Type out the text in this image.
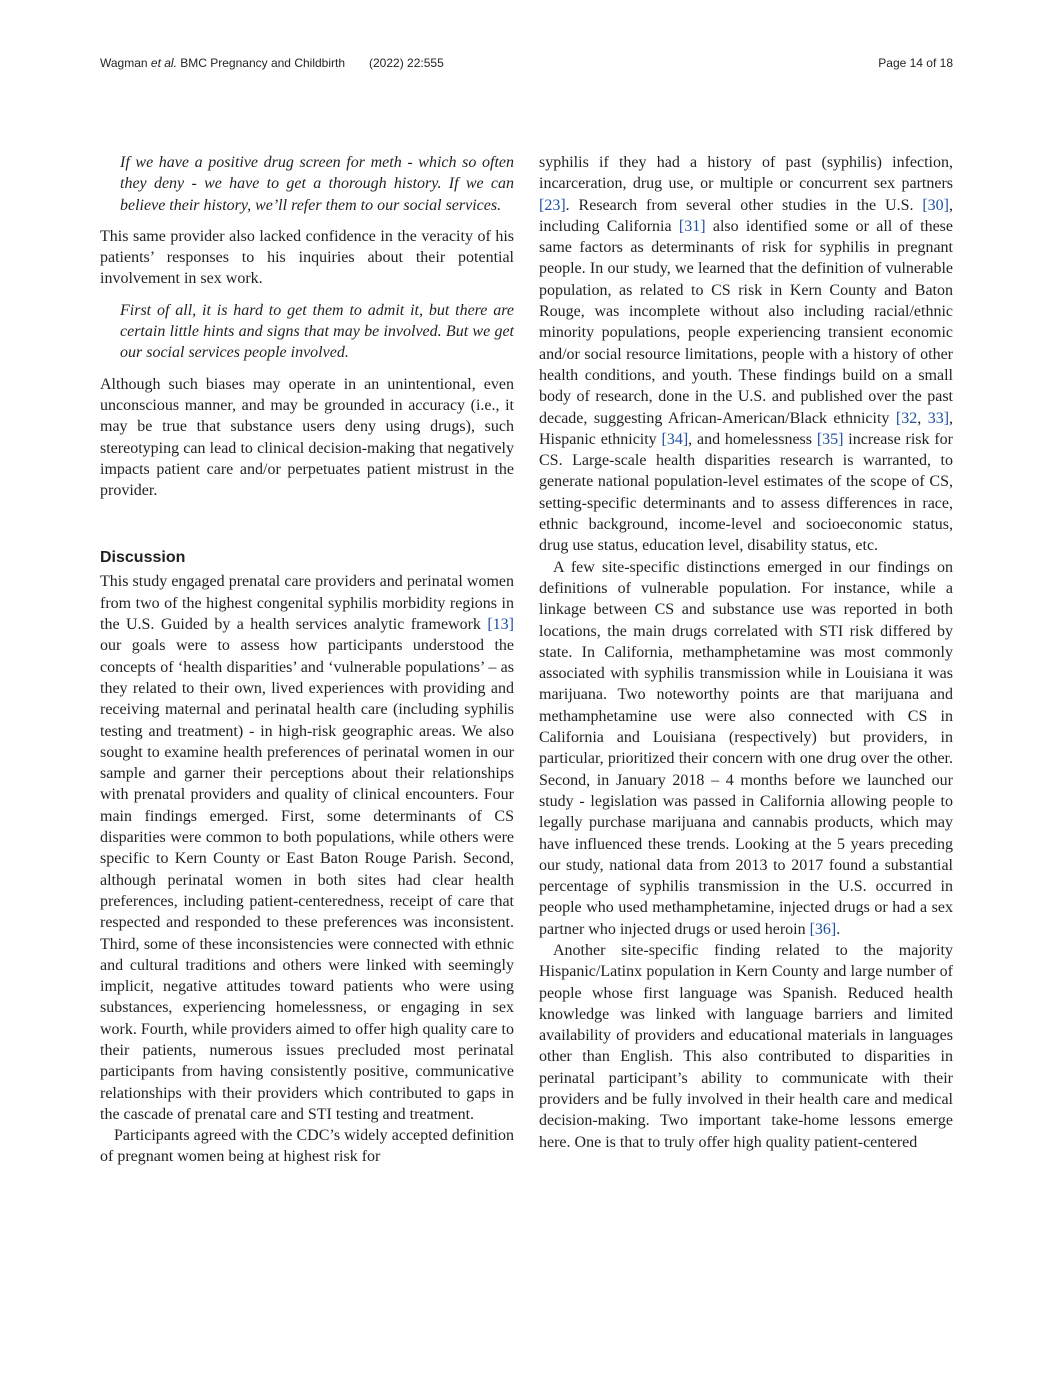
Wagman et al. BMC Pregnancy and Childbirth (2022) 22:555	Page 14 of 18

If we have a positive drug screen for meth - which so often they deny - we have to get a thorough history. If we can believe their history, we’ll refer them to our social services.

This same provider also lacked confidence in the veracity of his patients’ responses to his inquiries about their potential involvement in sex work.

First of all, it is hard to get them to admit it, but there are certain little hints and signs that may be involved. But we get our social services people involved.

Although such biases may operate in an unintentional, even unconscious manner, and may be grounded in accuracy (i.e., it may be true that substance users deny using drugs), such stereotyping can lead to clinical decision-making that negatively impacts patient care and/or perpetuates patient mistrust in the provider.

Discussion

This study engaged prenatal care providers and perinatal women from two of the highest congenital syphilis morbidity regions in the U.S. Guided by a health services analytic framework [13] our goals were to assess how participants understood the concepts of ‘health disparities’ and ‘vulnerable populations’ – as they related to their own, lived experiences with providing and receiving maternal and perinatal health care (including syphilis testing and treatment) - in high-risk geographic areas. We also sought to examine health preferences of perinatal women in our sample and garner their perceptions about their relationships with prenatal providers and quality of clinical encounters. Four main findings emerged. First, some determinants of CS disparities were common to both populations, while others were specific to Kern County or East Baton Rouge Parish. Second, although perinatal women in both sites had clear health preferences, including patient-centeredness, receipt of care that respected and responded to these preferences was inconsistent. Third, some of these inconsistencies were connected with ethnic and cultural traditions and others were linked with seemingly implicit, negative attitudes toward patients who were using substances, experiencing homelessness, or engaging in sex work. Fourth, while providers aimed to offer high quality care to their patients, numerous issues precluded most perinatal participants from having consistently positive, communicative relationships with their providers which contributed to gaps in the cascade of prenatal care and STI testing and treatment.

Participants agreed with the CDC’s widely accepted definition of pregnant women being at highest risk for

syphilis if they had a history of past (syphilis) infection, incarceration, drug use, or multiple or concurrent sex partners [23]. Research from several other studies in the U.S. [30], including California [31] also identified some or all of these same factors as determinants of risk for syphilis in pregnant people. In our study, we learned that the definition of vulnerable population, as related to CS risk in Kern County and Baton Rouge, was incomplete without also including racial/ethnic minority populations, people experiencing transient economic and/or social resource limitations, people with a history of other health conditions, and youth. These findings build on a small body of research, done in the U.S. and published over the past decade, suggesting African-American/Black ethnicity [32, 33], Hispanic ethnicity [34], and homelessness [35] increase risk for CS. Large-scale health disparities research is warranted, to generate national population-level estimates of the scope of CS, setting-specific determinants and to assess differences in race, ethnic background, income-level and socioeconomic status, drug use status, education level, disability status, etc.

A few site-specific distinctions emerged in our findings on definitions of vulnerable population. For instance, while a linkage between CS and substance use was reported in both locations, the main drugs correlated with STI risk differed by state. In California, methamphetamine was most commonly associated with syphilis transmission while in Louisiana it was marijuana. Two noteworthy points are that marijuana and methamphetamine use were also connected with CS in California and Louisiana (respectively) but providers, in particular, prioritized their concern with one drug over the other. Second, in January 2018 – 4 months before we launched our study - legislation was passed in California allowing people to legally purchase marijuana and cannabis products, which may have influenced these trends. Looking at the 5 years preceding our study, national data from 2013 to 2017 found a substantial percentage of syphilis transmission in the U.S. occurred in people who used methamphetamine, injected drugs or had a sex partner who injected drugs or used heroin [36].

Another site-specific finding related to the majority Hispanic/Latinx population in Kern County and large number of people whose first language was Spanish. Reduced health knowledge was linked with language barriers and limited availability of providers and educational materials in languages other than English. This also contributed to disparities in perinatal participant’s ability to communicate with their providers and be fully involved in their health care and medical decision-making. Two important take-home lessons emerge here. One is that to truly offer high quality patient-centered
